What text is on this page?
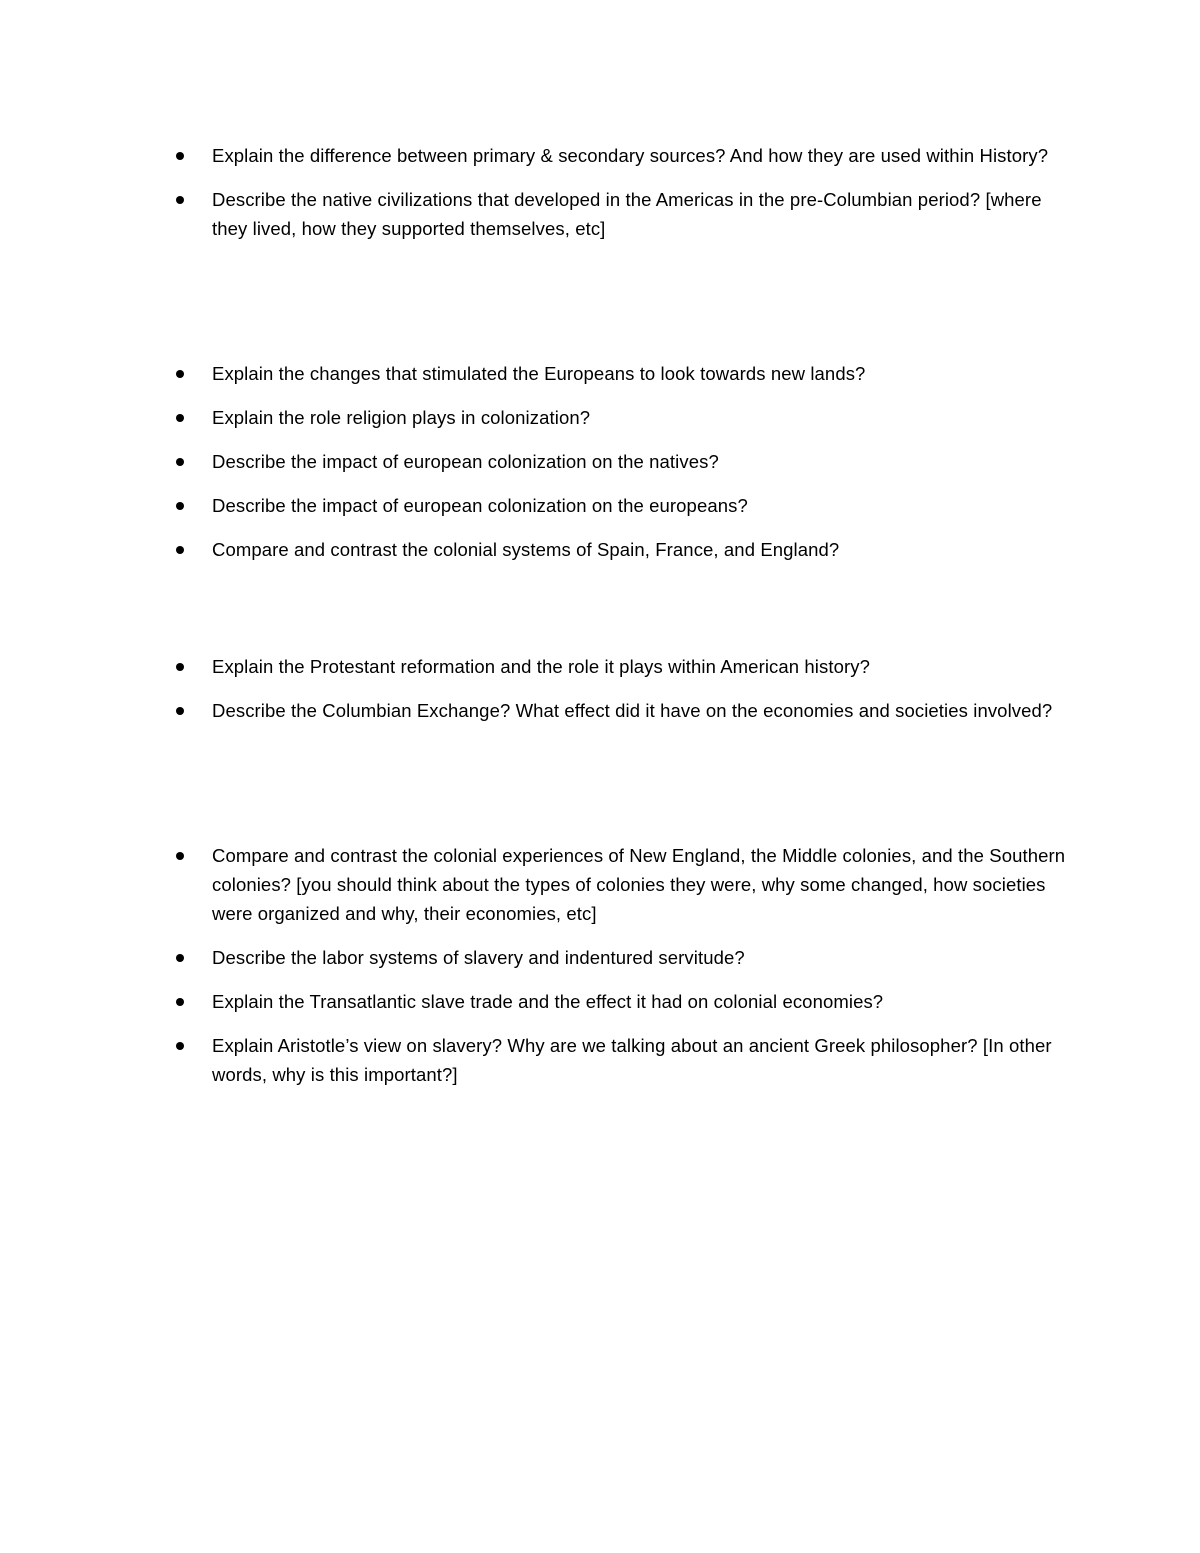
Explain the difference between primary & secondary sources? And how they are used within History?
Describe the native civilizations that developed in the Americas in the pre-Columbian period? [where they lived, how they supported themselves, etc]
Explain the changes that stimulated the Europeans to look towards new lands?
Explain the role religion plays in colonization?
Describe the impact of european colonization on the natives?
Describe the impact of european colonization on the europeans?
Compare and contrast the colonial systems of Spain, France, and England?
Explain the Protestant reformation and the role it plays within American history?
Describe the Columbian Exchange? What effect did it have on the economies and societies involved?
Compare and contrast the colonial experiences of New England, the Middle colonies, and the Southern colonies? [you should think about the types of colonies they were, why some changed, how societies were organized and why, their economies, etc]
Describe the labor systems of slavery and indentured servitude?
Explain the Transatlantic slave trade and the effect it had on colonial economies?
Explain Aristotle’s view on slavery? Why are we talking about an ancient Greek philosopher? [In other words, why is this important?]
